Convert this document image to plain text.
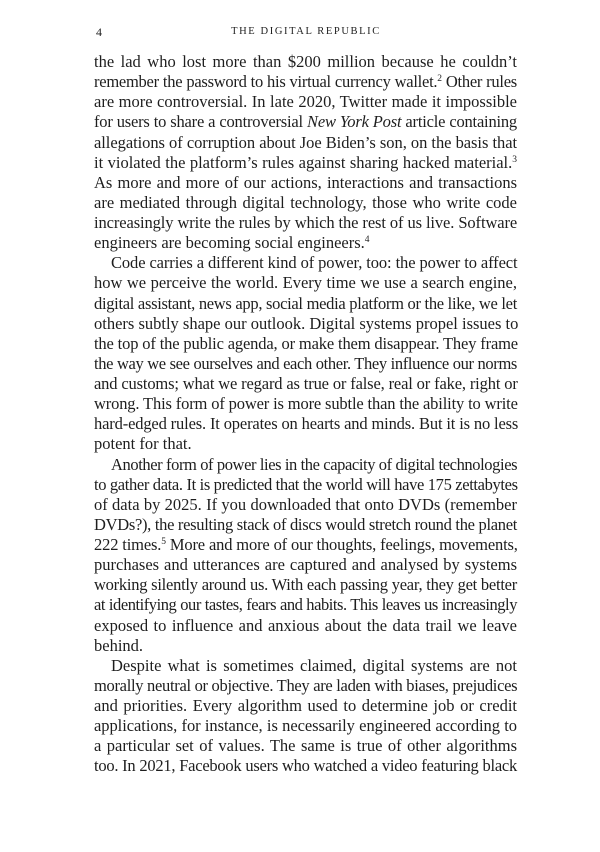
4	THE DIGITAL REPUBLIC
the lad who lost more than $200 million because he couldn’t
remember the password to his virtual currency wallet.$^2$ Other rules
are more controversial. In late 2020, Twitter made it impossible
for users to share a controversial New York Post article containing
allegations of corruption about Joe Biden’s son, on the basis that
it violated the platform’s rules against sharing hacked material.$^3$
As more and more of our actions, interactions and transactions
are mediated through digital technology, those who write code
increasingly write the rules by which the rest of us live. Software
engineers are becoming social engineers.$^4$
Code carries a different kind of power, too: the power to affect
how we perceive the world. Every time we use a search engine,
digital assistant, news app, social media platform or the like, we let
others subtly shape our outlook. Digital systems propel issues to
the top of the public agenda, or make them disappear. They frame
the way we see ourselves and each other. They influence our norms
and customs; what we regard as true or false, real or fake, right or
wrong. This form of power is more subtle than the ability to write
hard-edged rules. It operates on hearts and minds. But it is no less
potent for that.
Another form of power lies in the capacity of digital technologies
to gather data. It is predicted that the world will have 175 zettabytes
of data by 2025. If you downloaded that onto DVDs (remember
DVDs?), the resulting stack of discs would stretch round the planet
222 times.$^5$ More and more of our thoughts, feelings, movements,
purchases and utterances are captured and analysed by systems
working silently around us. With each passing year, they get better
at identifying our tastes, fears and habits. This leaves us increasingly
exposed to influence and anxious about the data trail we leave
behind.
Despite what is sometimes claimed, digital systems are not
morally neutral or objective. They are laden with biases, prejudices
and priorities. Every algorithm used to determine job or credit
applications, for instance, is necessarily engineered according to
a particular set of values. The same is true of other algorithms
too. In 2021, Facebook users who watched a video featuring black
